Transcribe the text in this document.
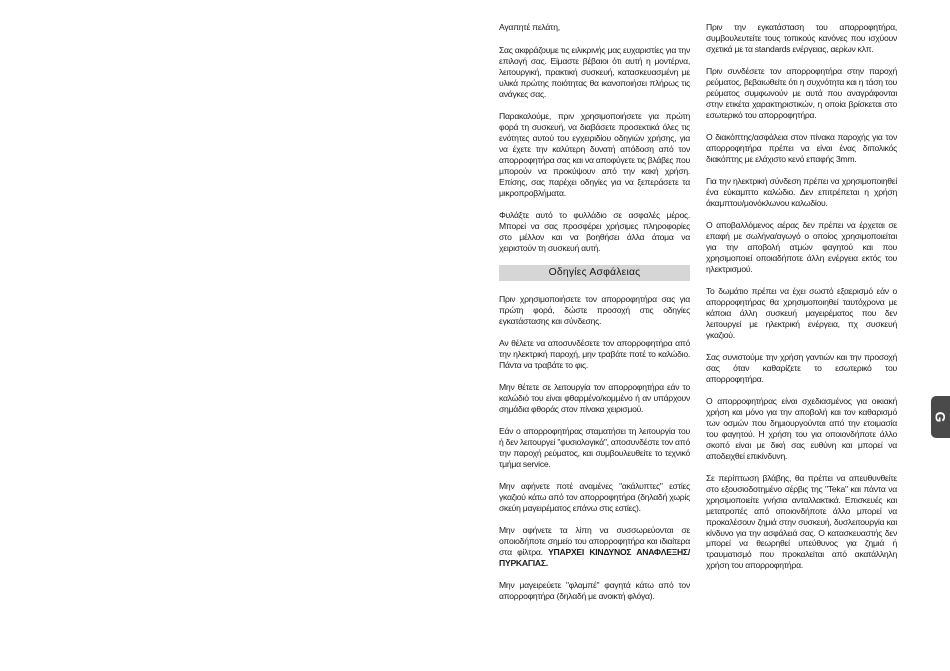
Αγαπητέ πελάτη,

Σας ακφράζουμε τις ειλικρινής μας ευχαριστίες για την επιλογή σας. Είμαστε βέβαιοι ότι αυτή η μοντέρνα, λειτουργική, πρακτική συσκευή, κατασκευασμένη με υλικά πρώτης ποιότητας θα ικανοποιήσει πλήρως τις ανάγκες σας.

Παρακαλούμε, πριν χρησιμοποιήσετε για πρώτη φορά τη συσκευή, να διαβάσετε προσεκτικά όλες τις ενότητες αυτού του εγχειριδίου οδηγιών χρήσης, για να έχετε την καλύτερη δυνατή απόδοση από τον απορροφητήρα σας και να αποφύγετε τις βλάβες που μπορούν να προκύψουν από την κακή χρήση. Επίσης, σας παρέχει οδηγίες για να ξεπεράσετε τα μικροπροβλήματα.

Φυλάξτε αυτό το φυλλάδιο σε ασφαλές μέρος. Μπορεί να σας προσφέρει χρήσιμες πληροφορίες στο μέλλον και να βοηθήσει άλλα άτομα να χειριστούν τη συσκευή αυτή.

Οδηγίες Ασφάλειας

Πριν χρησιμοποιήσετε τον απορροφητήρα σας για πρώτη φορά, δώστε προσοχή στις οδηγίες εγκατάστασης και σύνδεσης.

Αν θέλετε να αποσυνδέσετε τον απορροφητήρα από την ηλεκτρική παροχή, μην τραβάτε ποτέ το καλώδιο. Πάντα να τραβάτε το φις.

Μην θέτετε σε λειτουργία τον απορροφητήρα εάν το καλώδιό του είναι φθαρμένο/κομμένο ή αν υπάρχουν σημάδια φθοράς στον πίνακα χειρισμού.

Εάν ο απορροφητήρας σταματήσει τη λειτουργία του ή δεν λειτουργεί "φυσιολογικά", αποσυνδέστε τον από την παροχή ρεύματος, και συμβουλευθείτε το τεχνικό τμήμα service.

Μην αφήνετε ποτέ αναμένες "ακάλυπτες" εστίες γκαζιού κάτω από τον απορροφητήρα (δηλαδή χωρίς σκεύη μαγειρέματος επάνω στις εστίες).

Μην αφήνετε τα λίπη να συσσωρεύονται σε οποιοδήποτε σημείο του απορροφητήρα και ιδιαίτερα στα φίλτρα. ΥΠΑΡΧΕΙ ΚΙΝΔΥΝΟΣ ΑΝΑΦΛΕΞΗΣ/ΠΥΡΚΑΓΙΑΣ.

Μην μαγειρεύετε "φλαμπέ" φαγητά κάτω από τον απορροφητήρα (δηλαδή με ανοικτή φλόγα).

Πριν την εγκατάσταση του απορροφητήρα, συμβουλευτείτε τους τοπικούς κανόνες που ισχύουν σχετικά με τα standards ενέργειας, αερίων κλπ.

Πριν συνδέσετε τον απορροφητήρα στην παροχή ρεύματος, βεβαιωθείτε ότι η συχνότητα και η τάση του ρεύματος συμφωνούν με αυτά που αναγράφονται στην ετικέτα χαρακτηριστικών, η οποία βρίσκεται στο εσωτερικό του απορροφητήρα.

Ο διακόπτης/ασφάλεια στον πίνακα παροχής για τον απορροφητήρα πρέπει να είναι ένας διπολικός διακόπτης με ελάχιστο κενό επαφής 3mm.

Για την ηλεκτρική σύνδεση πρέπει να χρησιμοποιηθεί ένα εύκαμπτο καλώδιο. Δεν επιτρέπεται η χρήση άκαμπτου/μονόκλωνου καλωδίου.

Ο αποβαλλόμενος αέρας δεν πρέπει να έρχεται σε επαφή με σωλήνα/αγωγό ο οποίος χρησιμοποιείται για την αποβολή ατμών φαγητού και που χρησιμοποιεί οποιαδήποτε άλλη ενέργεια εκτός του ηλεκτρισμού.

Το δωμάτιο πρέπει να έχει σωστό εξαερισμό εάν ο απορροφητήρας θα χρησιμοποιηθεί ταυτόχρονα με κάποια άλλη συσκευή μαγειρέματος που δεν λειτουργεί με ηλεκτρική ενέργεια, πχ συσκευή γκαζιού.

Σας συνιστούμε την χρήση γαντιών και την προσοχή σας όταν καθαρίζετε το εσωτερικό του απορροφητήρα.

Ο απορροφητήρας είναι σχεδιασμένος για οικιακή χρήση και μόνο για την αποβολή και τον καθαρισμό των οσμών που δημιουργούνται από την ετοιμασία του φαγητού. Η χρήση του για οποιονδήποτε άλλο σκοπό είναι με δική σας ευθύνη και μπορεί να αποδειχθεί επικίνδυνη.

Σε περίπτωση βλάβης, θα πρέπει να απευθυνθείτε στο εξουσιοδοτημένο σέρβις της "Teka" και πάντα να χρησιμοποιείτε γνήσια ανταλλακτικά. Επισκευές και μετατροπές από οποιονδήποτε άλλο μπορεί να προκαλέσουν ζημιά στην συσκευή, δυσλειτουργία και κίνδυνο για την ασφάλειά σας. Ο κατασκευαστής δεν μπορεί να θεωρηθεί υπεύθυνος για ζημιά ή τραυματισμό που προκαλείται από ακατάλληλη χρήση του απορροφητήρα.

G
